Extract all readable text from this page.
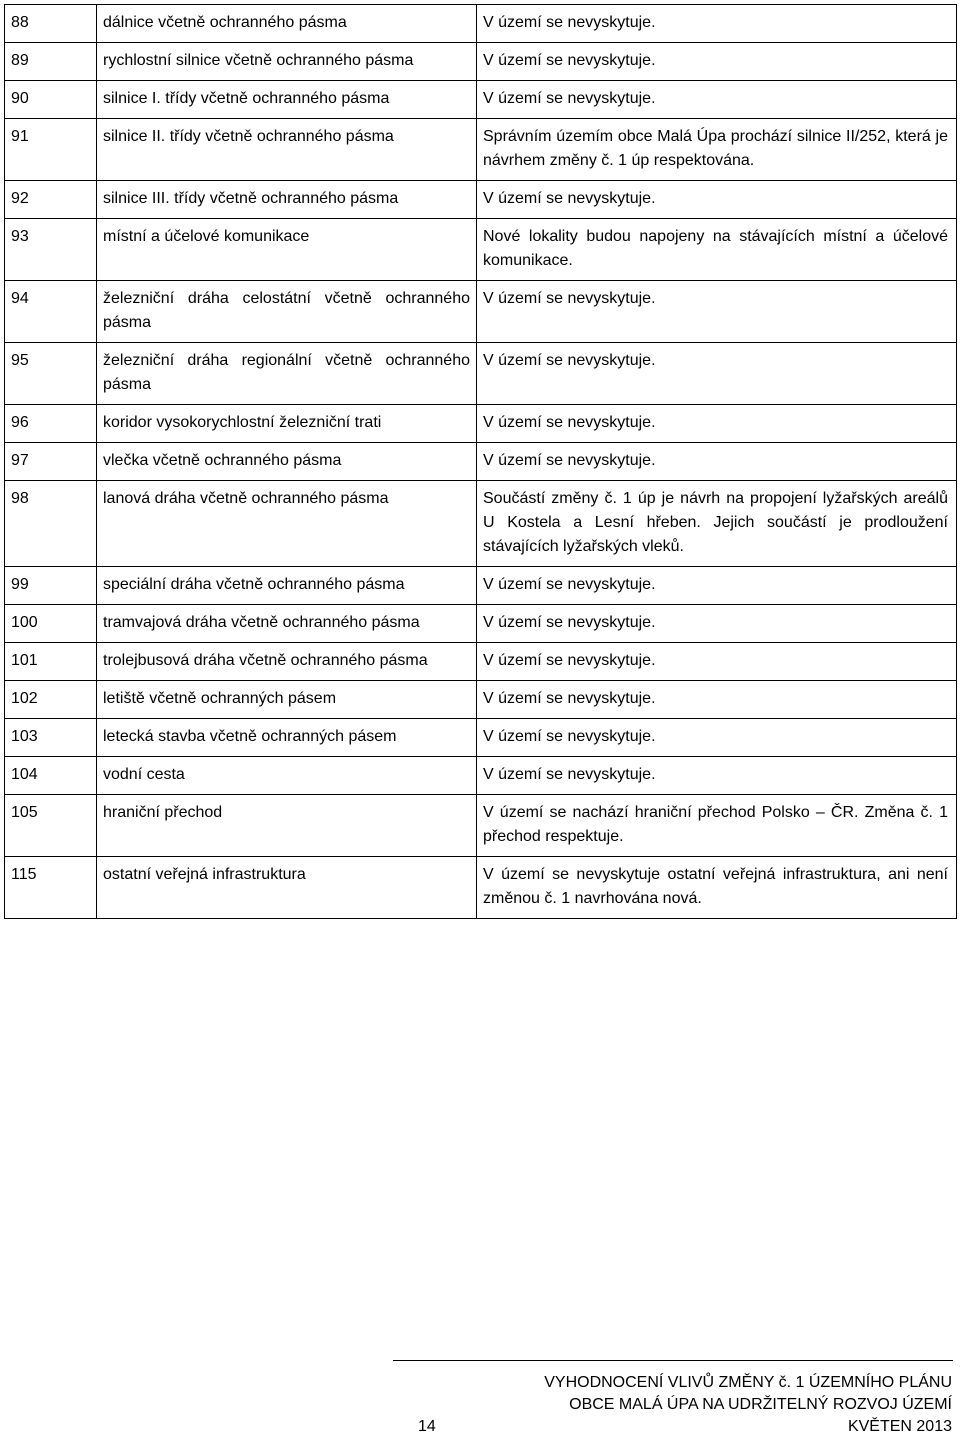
88	dálnice včetně ochranného pásma	V území se nevyskytuje.
89	rychlostní silnice včetně ochranného pásma	V území se nevyskytuje.
90	silnice I. třídy včetně ochranného pásma	V území se nevyskytuje.
91	silnice II. třídy včetně ochranného pásma	Správním územím obce Malá Úpa prochází silnice II/252, která je návrhem změny č. 1 úp respektována.
92	silnice III. třídy včetně ochranného pásma	V území se nevyskytuje.
93	místní a účelové komunikace	Nové lokality budou napojeny na stávajících místní a účelové komunikace.
94	železniční dráha celostátní včetně ochranného pásma	V území se nevyskytuje.
95	železniční dráha regionální včetně ochranného pásma	V území se nevyskytuje.
96	koridor vysokorychlostní železniční trati	V území se nevyskytuje.
97	vlečka včetně ochranného pásma	V území se nevyskytuje.
98	lanová dráha včetně ochranného pásma	Součástí změny č. 1 úp je návrh na propojení lyžařských areálů U Kostela a Lesní hřeben. Jejich součástí je prodloužení stávajících lyžařských vleků.
99	speciální dráha včetně ochranného pásma	V území se nevyskytuje.
100	tramvajová dráha včetně ochranného pásma	V území se nevyskytuje.
101	trolejbusová dráha včetně ochranného pásma	V území se nevyskytuje.
102	letiště včetně ochranných pásem	V území se nevyskytuje.
103	letecká stavba včetně ochranných pásem	V území se nevyskytuje.
104	vodní cesta	V území se nevyskytuje.
105	hraniční přechod	V území se nachází hraniční přechod Polsko – ČR. Změna č. 1 přechod respektuje.
115	ostatní veřejná infrastruktura	V území se nevyskytuje ostatní veřejná infrastruktura, ani není změnou č. 1 navrhována nová.
14
VYHODNOCENÍ VLIVŮ ZMĚNY č. 1 ÚZEMNÍHO PLÁNU
OBCE MALÁ ÚPA NA UDRŽITELNÝ ROZVOJ ÚZEMÍ
KVĚTEN 2013
